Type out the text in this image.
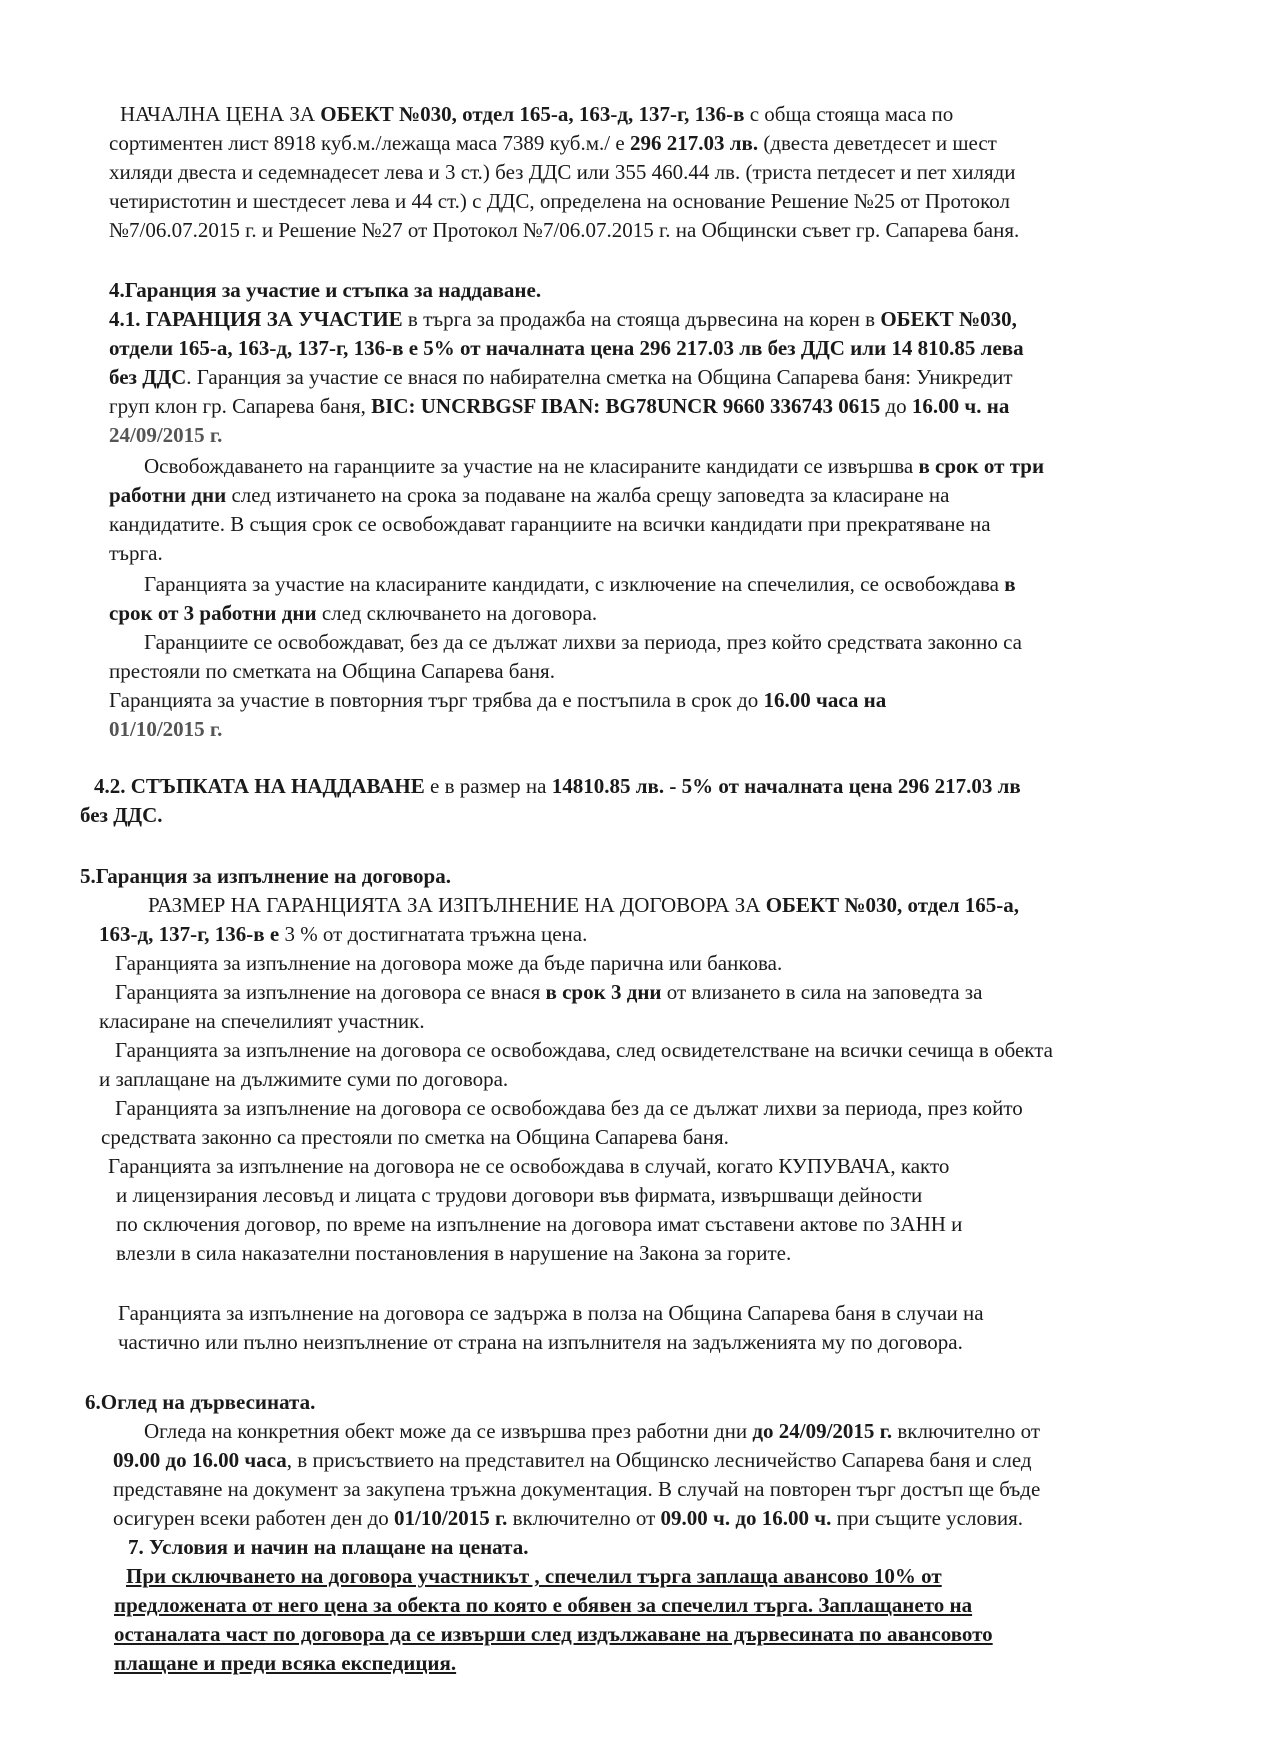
НАЧАЛНА ЦЕНА ЗА ОБЕКТ №030, отдел 165-а, 163-д, 137-г, 136-в с обща стояща маса по
сортиментен лист 8918 куб.м./лежаща маса 7389 куб.м./ е 296 217.03 лв. (двеста деветдесет и шест
хиляди двеста и седемнадесет лева и 3 ст.) без ДДС или 355 460.44 лв. (триста петдесет и пет хиляди
четиристотин и шестдесет лева и 44 ст.) с ДДС, определена на основание Решение №25 от Протокол
№7/06.07.2015 г. и Решение №27 от Протокол №7/06.07.2015 г. на Общински съвет гр. Сапарева баня.
4.Гаранция за участие и стъпка за наддаване.
4.1. ГАРАНЦИЯ ЗА УЧАСТИЕ в търга за продажба на стояща дървесина на корен в ОБЕКТ №030,
отдели 165-а, 163-д, 137-г, 136-в е 5% от началната цена 296 217.03 лв без ДДС или 14 810.85 лева
без ДДС. Гаранция за участие се внася по набирателна сметка на Община Сапарева баня: Уникредит
груп клон гр. Сапарева баня, BIC: UNCRBGSF IBAN: BG78UNCR 9660 336743 0615 до 16.00 ч. на
24/09/2015 г.
Освобождаването на гаранциите за участие на не класираните кандидати се извършва в срок от три
работни дни след изтичането на срока за подаване на жалба срещу заповедта за класиране на
кандидатите. В същия срок се освобождават гаранциите на всички кандидати при прекратяване на
търга.
Гаранцията за участие на класираните кандидати, с изключение на спечелилия, се освобождава в
срок от 3 работни дни след сключването на договора.
Гаранциите се освобождават, без да се дължат лихви за периода, през който средствата законно са
престояли по сметката на Община Сапарева баня.
Гаранцията за участие в повторния търг трябва да е постъпила в срок до 16.00 часа на
01/10/2015 г.
4.2. СТЪПКАТА НА НАДДАВАНЕ е в размер на 14810.85 лв. - 5% от началната цена 296 217.03 лв
без ДДС.
5.Гаранция за изпълнение на договора.
РАЗМЕР НА ГАРАНЦИЯТА ЗА ИЗПЪЛНЕНИЕ НА ДОГОВОРА ЗА ОБЕКТ №030, отдел 165-а,
163-д, 137-г, 136-в е 3 % от достигнатата тръжна цена.
Гаранцията за изпълнение на договора може да бъде парична или банкова.
Гаранцията за изпълнение на договора се внася в срок 3 дни от влизането в сила на заповедта за
класиране на спечелилият участник.
Гаранцията за изпълнение на договора се освобождава, след освидетелстване на всички сечища в обекта
и заплащане на дължимите суми по договора.
Гаранцията за изпълнение на договора се освобождава без да се дължат лихви за периода, през който
средствата законно са престояли по сметка на Община Сапарева баня.
Гаранцията за изпълнение на договора не се освобождава в случай, когато КУПУВАЧА, както
и лицензирания лесовъд и лицата с трудови договори във фирмата, извършващи дейности
по сключения договор, по време на изпълнение на договора имат съставени актове по ЗАНН и
влезли в сила наказателни постановления в нарушение на Закона за горите.
Гаранцията за изпълнение на договора се задържа в полза на Община Сапарева баня в случаи на
частично или пълно неизпълнение от страна на изпълнителя на задълженията му по договора.
6.Оглед на дървесината.
Огледа на конкретния обект може да се извършва през работни дни до 24/09/2015 г. включително от
09.00 до 16.00 часа, в присъствието на представител на Общинско лесничейство Сапарева баня и след
представяне на документ за закупена тръжна документация. В случай на повторен търг достъп ще бъде
осигурен всеки работен ден до 01/10/2015 г. включително от 09.00 ч. до 16.00 ч. при същите условия.
7. Условия и начин на плащане на цената.
При сключването на договора участникът , спечелил търга заплаща авансово 10% от
предложената от него цена за обекта по която е обявен за спечелил търга. Заплащането на
останалата част по договора да се извърши след издължаване на дървесината по авансовото
плащане и преди всяка експедиция.
